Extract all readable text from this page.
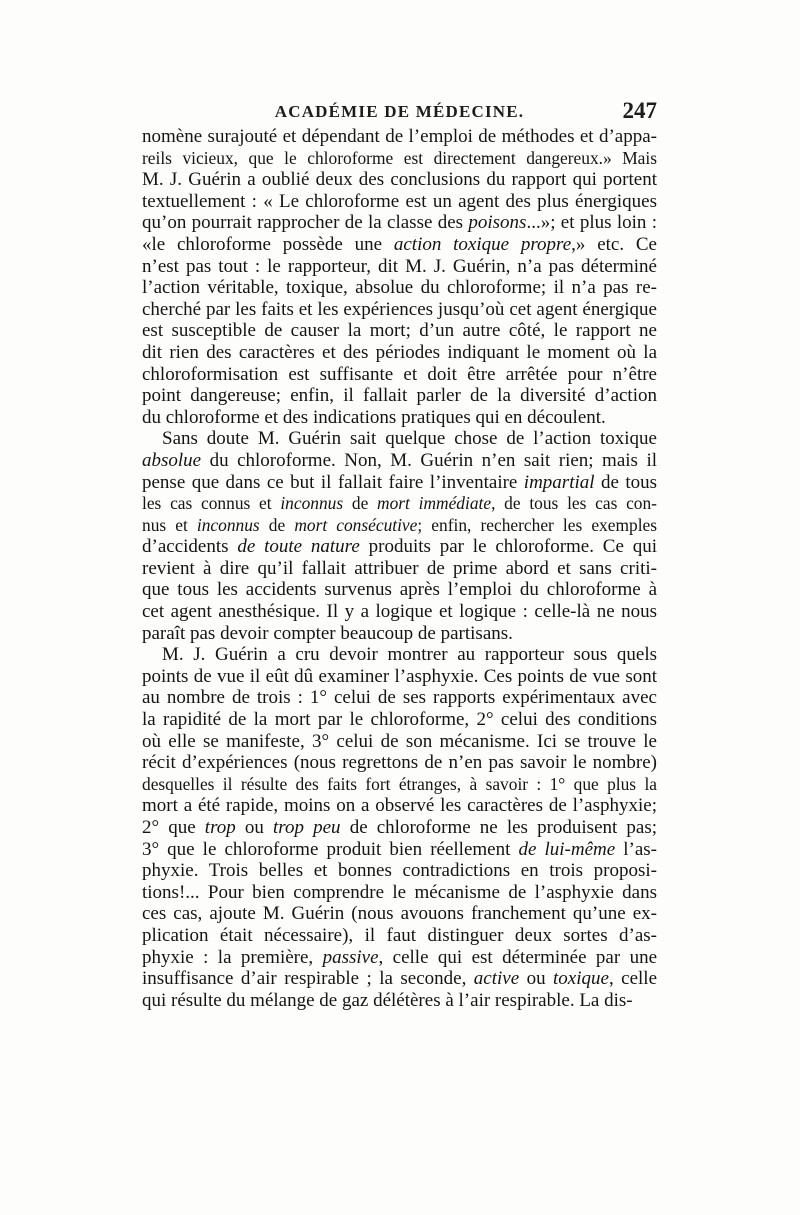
ACADÉMIE DE MÉDECINE.	247
nomène surajouté et dépendant de l’emploi de méthodes et d’appa-
reils vicieux, que le chloroforme est directement dangereux.» Mais
M. J. Guérin a oublié deux des conclusions du rapport qui portent
textuellement : « Le chloroforme est un agent des plus énergiques
qu’on pourrait rapprocher de la classe des poisons...»; et plus loin :
«le chloroforme possède une action toxique propre,» etc. Ce
n’est pas tout : le rapporteur, dit M. J. Guérin, n’a pas déterminé
l’action véritable, toxique, absolue du chloroforme; il n’a pas re-
cherché par les faits et les expériences jusqu’où cet agent énergique
est susceptible de causer la mort; d’un autre côté, le rapport ne
dit rien des caractères et des périodes indiquant le moment où la
chloroformisation est suffisante et doit être arrêtée pour n’être
point dangereuse; enfin, il fallait parler de la diversité d’action
du chloroforme et des indications pratiques qui en découlent.
Sans doute M. Guérin sait quelque chose de l’action toxique
absolue du chloroforme. Non, M. Guérin n’en sait rien; mais il
pense que dans ce but il fallait faire l’inventaire impartial de tous
les cas connus et inconnus de mort immédiate, de tous les cas con-
nus et inconnus de mort consécutive; enfin, rechercher les exemples
d’accidents de toute nature produits par le chloroforme. Ce qui
revient à dire qu’il fallait attribuer de prime abord et sans criti-
que tous les accidents survenus après l’emploi du chloroforme à
cet agent anesthésique. Il y a logique et logique : celle-là ne nous
paraît pas devoir compter beaucoup de partisans.
M. J. Guérin a cru devoir montrer au rapporteur sous quels
points de vue il eût dû examiner l’asphyxie. Ces points de vue sont
au nombre de trois : 1° celui de ses rapports expérimentaux avec
la rapidité de la mort par le chloroforme, 2° celui des conditions
où elle se manifeste, 3° celui de son mécanisme. Ici se trouve le
récit d’expériences (nous regrettons de n’en pas savoir le nombre)
desquelles il résulte des faits fort étranges, à savoir : 1° que plus la
mort a été rapide, moins on a observé les caractères de l’asphyxie;
2° que trop ou trop peu de chloroforme ne les produisent pas;
3° que le chloroforme produit bien réellement de lui-même l’as-
phyxie. Trois belles et bonnes contradictions en trois proposi-
tions!... Pour bien comprendre le mécanisme de l’asphyxie dans
ces cas, ajoute M. Guérin (nous avouons franchement qu’une ex-
plication était nécessaire), il faut distinguer deux sortes d’as-
phyxie : la première, passive, celle qui est déterminée par une
insuffisance d’air respirable ; la seconde, active ou toxique, celle
qui résulte du mélange de gaz délétères à l’air respirable. La dis-
